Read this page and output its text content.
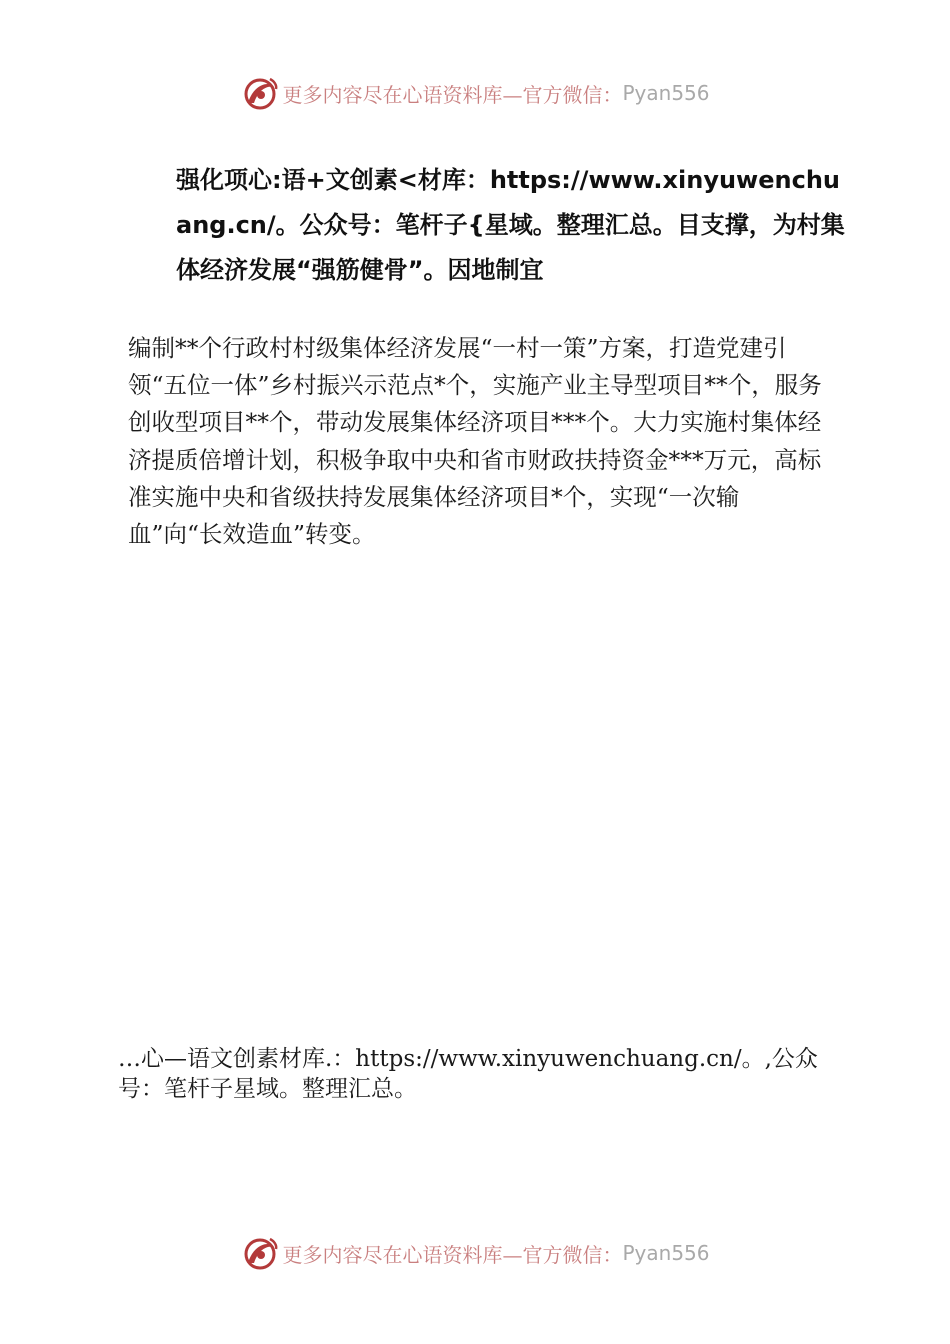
更多内容尽在心语资料库—官方微信： Pyan556

强化项心:语+文创素<材库：https://www.xinyuwenchuang.cn/。公众号：笔杆子{星域。整理汇总。目支撑，为村集体经济发展“强筋健骨”。因地制宜

编制**个行政村村级集体经济发展“一村一策”方案，打造党建引领“五位一体”乡村振兴示范点*个，实施产业主导型项目**个，服务创收型项目**个，带动发展集体经济项目***个。大力实施村集体经济提质倍增计划，积极争取中央和省市财政扶持资金***万元，高标准实施中央和省级扶持发展集体经济项目*个，实现“一次输血”向“长效造血”转变。

…心—语文创素材库.：https://www.xinyuwenchuang.cn/。,公众号：笔杆子星域。整理汇总。

更多内容尽在心语资料库—官方微信： Pyan556
